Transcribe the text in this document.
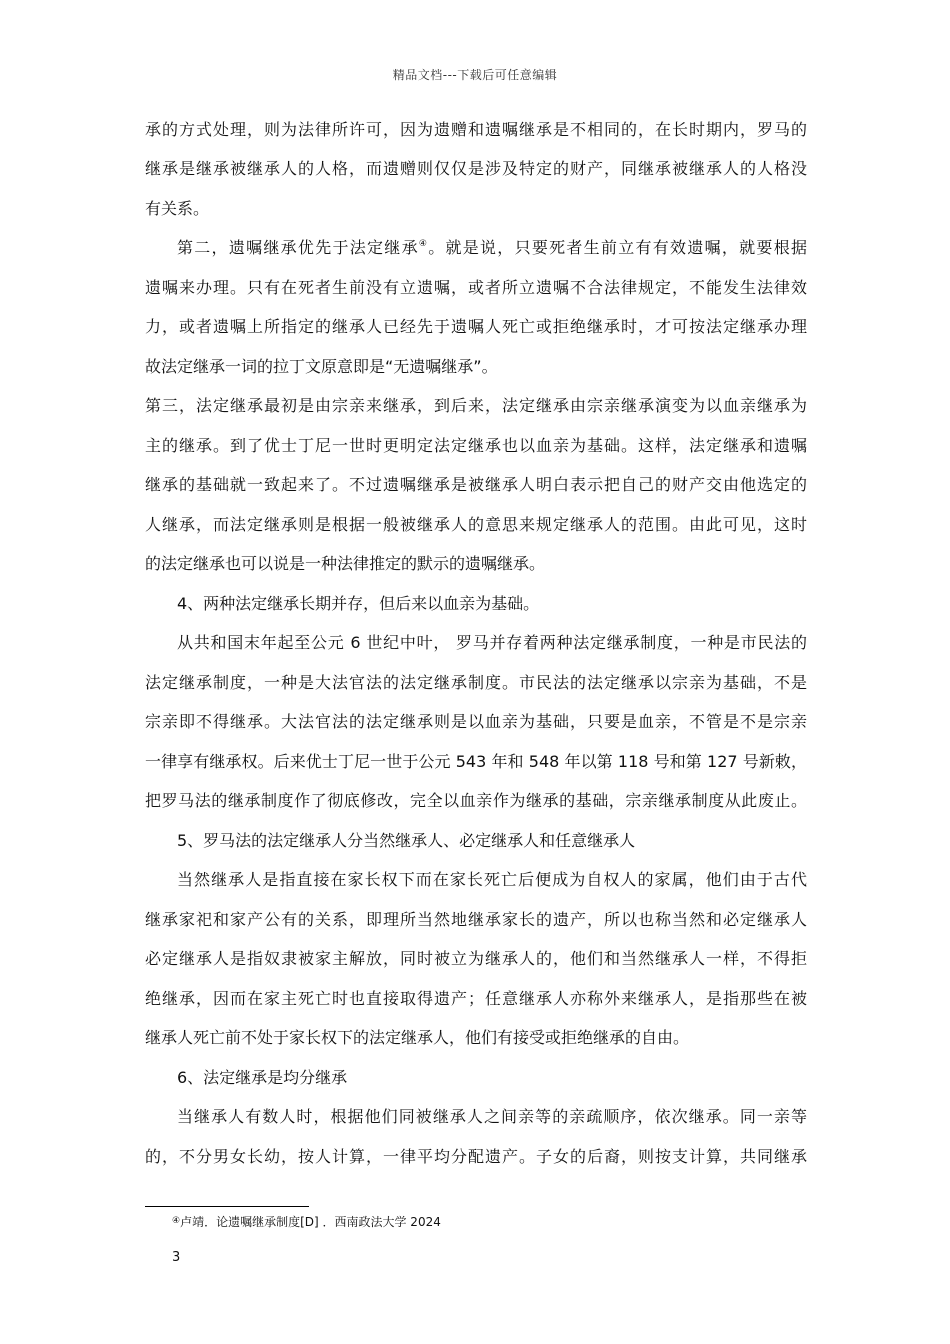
精品文档---下载后可任意编辑
承的方式处理，则为法律所许可，因为遗赠和遗嘱继承是不相同的，在长时期内，罗马的
继承是继承被继承人的人格，而遗赠则仅仅是涉及特定的财产，同继承被继承人的人格没
有关系。
第二，遗嘱继承优先于法定继承④。就是说，只要死者生前立有有效遗嘱，就要根据
遗嘱来办理。只有在死者生前没有立遗嘱，或者所立遗嘱不合法律规定，不能发生法律效
力，或者遗嘱上所指定的继承人已经先于遗嘱人死亡或拒绝继承时，才可按法定继承办理
故法定继承一词的拉丁文原意即是“无遗嘱继承”。
第三，法定继承最初是由宗亲来继承，到后来，法定继承由宗亲继承演变为以血亲继承为
主的继承。到了优士丁尼一世时更明定法定继承也以血亲为基础。这样，法定继承和遗嘱
继承的基础就一致起来了。不过遗嘱继承是被继承人明白表示把自己的财产交由他选定的
人继承，而法定继承则是根据一般被继承人的意思来规定继承人的范围。由此可见，这时
的法定继承也可以说是一种法律推定的默示的遗嘱继承。
4、两种法定继承长期并存，但后来以血亲为基础。
从共和国末年起至公元 6 世纪中叶， 罗马并存着两种法定继承制度，一种是市民法的
法定继承制度，一种是大法官法的法定继承制度。市民法的法定继承以宗亲为基础，不是
宗亲即不得继承。大法官法的法定继承则是以血亲为基础，只要是血亲，不管是不是宗亲
一律享有继承权。后来优士丁尼一世于公元 543 年和 548 年以第 118 号和第 127 号新敕，
把罗马法的继承制度作了彻底修改，完全以血亲作为继承的基础，宗亲继承制度从此废止。
5、罗马法的法定继承人分当然继承人、必定继承人和任意继承人
当然继承人是指直接在家长权下而在家长死亡后便成为自权人的家属，他们由于古代
继承家祀和家产公有的关系，即理所当然地继承家长的遗产，所以也称当然和必定继承人
必定继承人是指奴隶被家主解放，同时被立为继承人的，他们和当然继承人一样，不得拒
绝继承，因而在家主死亡时也直接取得遗产；任意继承人亦称外来继承人，是指那些在被
继承人死亡前不处于家长权下的法定继承人，他们有接受或拒绝继承的自由。
6、法定继承是均分继承
当继承人有数人时，根据他们同被继承人之间亲等的亲疏顺序，依次继承。同一亲等
的，不分男女长幼，按人计算，一律平均分配遗产。子女的后裔，则按支计算，共同继承
④卢靖．论遗嘱继承制度[D] ．西南政法大学 2024
3
